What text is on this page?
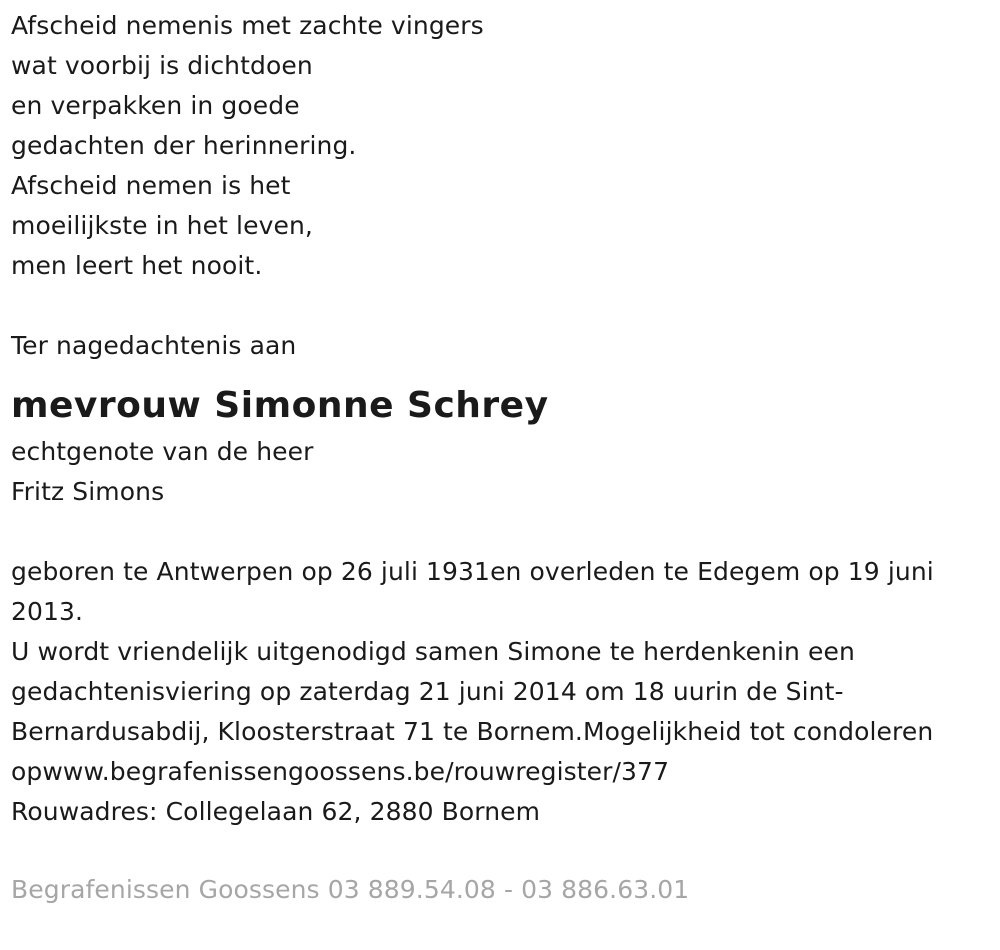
Afscheid nemenis met zachte vingers
wat voorbij is dichtdoen
en verpakken in goede
gedachten der herinnering.
Afscheid nemen is het
moeilijkste in het leven,
men leert het nooit.
Ter nagedachtenis aan
mevrouw Simonne Schrey
echtgenote van de heer
Fritz Simons
geboren te Antwerpen op 26 juli 1931en overleden te Edegem op 19 juni 2013.
U wordt vriendelijk uitgenodigd samen Simone te herdenkenin een gedachtenisviering op zaterdag 21 juni 2014 om 18 uurin de Sint-Bernardusabdij, Kloosterstraat 71 te Bornem.Mogelijkheid tot condoleren opwww.begrafenissengoossens.be/rouwregister/377
Rouwadres: Collegelaan 62, 2880 Bornem
Begrafenissen Goossens 03 889.54.08 - 03 886.63.01
